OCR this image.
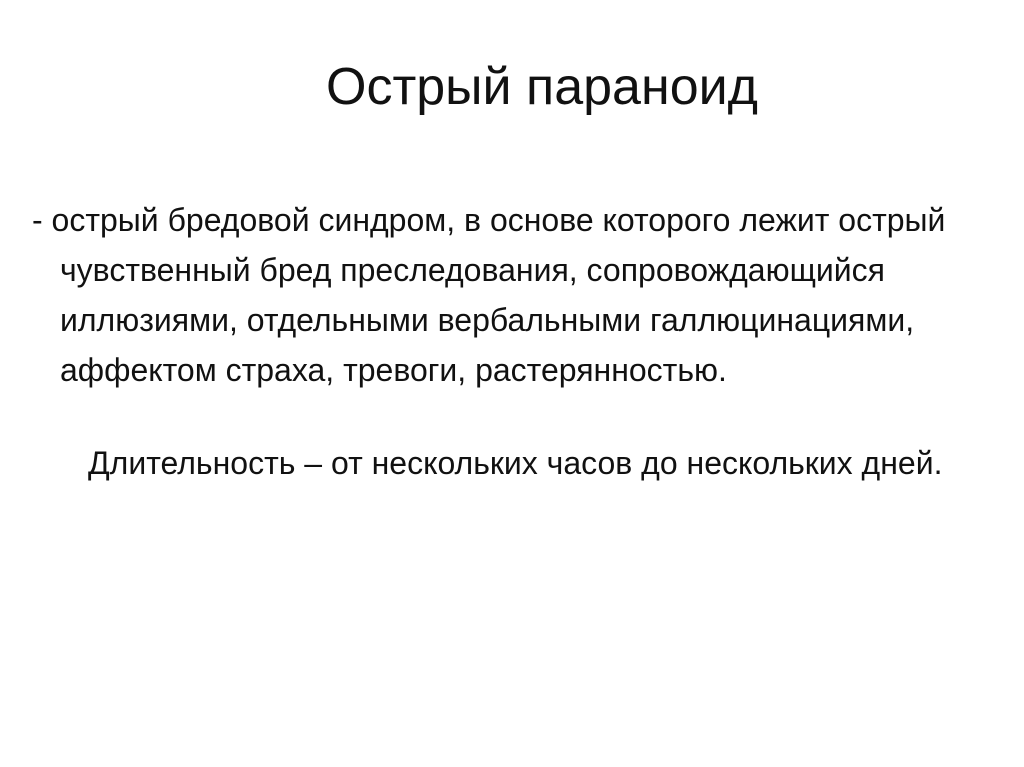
Острый параноид

- острый бредовой синдром, в основе которого лежит острый чувственный бред преследования, сопровождающийся иллюзиями, отдельными вербальными галлюцинациями, аффектом страха, тревоги, растерянностью.

Длительность – от нескольких часов до нескольких дней.
